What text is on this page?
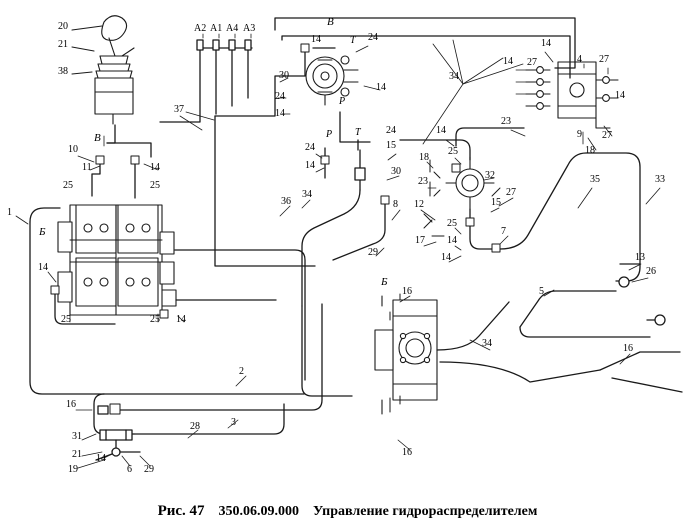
20
21
38
А2 А1 А4 А3
В
14	Т 24
14
14 27	4 27
30	34
24
14
14
Р
14
37
23
9 27
18
Р Т	24	14
В
10	24	15
25
11	14	14
18
25	25
30
23
32
27
35	33
36
34
8 12	15
1
Б
25
17 14
7
29
14
14	13
26
5
25	25 14
Б
16
34	16
2
16
3
16
31
28
21
19	6 29
14
Рис. 47 350.06.09.000 Управление гидрораспределителем
